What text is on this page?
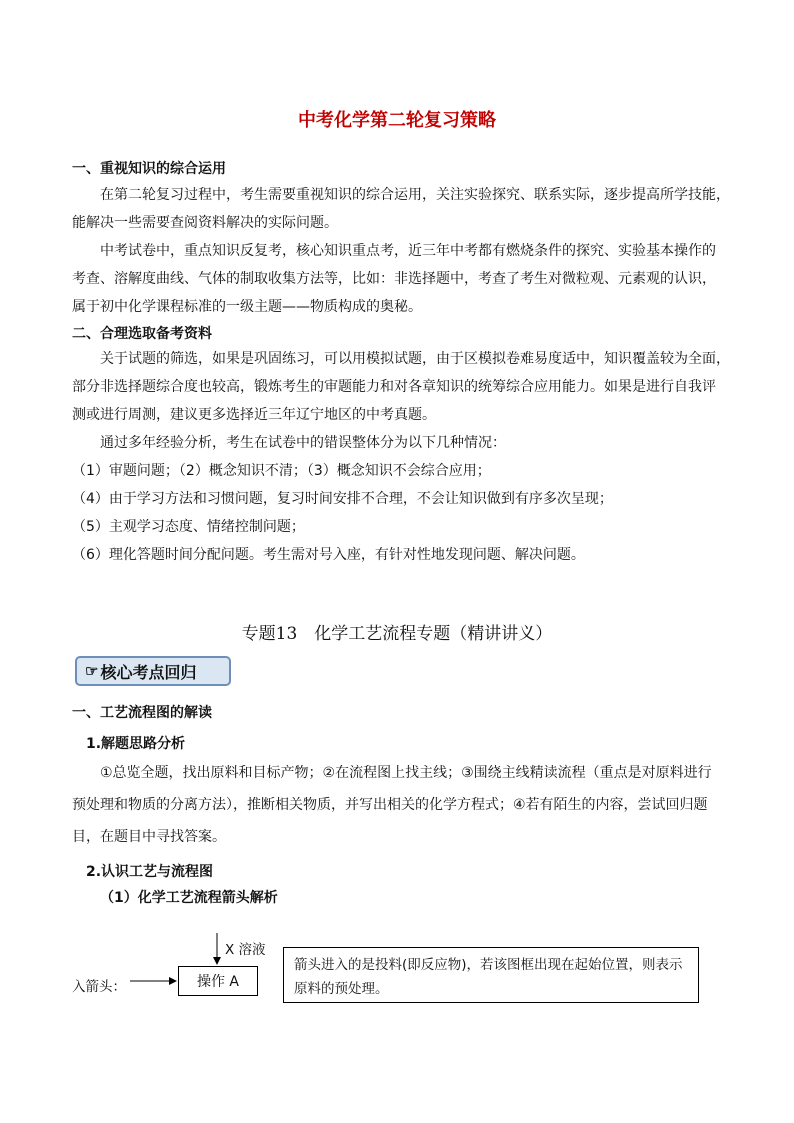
中考化学第二轮复习策略
一、重视知识的综合运用
在第二轮复习过程中，考生需要重视知识的综合运用，关注实验探究、联系实际，逐步提高所学技能，
能解决一些需要查阅资料解决的实际问题。
中考试卷中，重点知识反复考，核心知识重点考，近三年中考都有燃烧条件的探究、实验基本操作的
考查、溶解度曲线、气体的制取收集方法等，比如：非选择题中，考查了考生对微粒观、元素观的认识，
属于初中化学课程标准的一级主题——物质构成的奥秘。
二、合理选取备考资料
关于试题的筛选，如果是巩固练习，可以用模拟试题，由于区模拟卷难易度适中，知识覆盖较为全面，
部分非选择题综合度也较高，锻炼考生的审题能力和对各章知识的统筹综合应用能力。如果是进行自我评
测或进行周测，建议更多选择近三年辽宁地区的中考真题。
通过多年经验分析，考生在试卷中的错误整体分为以下几种情况：
（1）审题问题；（2）概念知识不清；（3）概念知识不会综合应用；
（4）由于学习方法和习惯问题，复习时间安排不合理，不会让知识做到有序多次呈现；
（5）主观学习态度、情绪控制问题；
（6）理化答题时间分配问题。考生需对号入座，有针对性地发现问题、解决问题。
专题13　化学工艺流程专题（精讲讲义）
☞ 核心考点回归
一、工艺流程图的解读
1.解题思路分析
①总览全题，找出原料和目标产物；②在流程图上找主线；③围绕主线精读流程（重点是对原料进行
预处理和物质的分离方法），推断相关物质，并写出相关的化学方程式；④若有陌生的内容，尝试回归题
目，在题目中寻找答案。
2.认识工艺与流程图
（1）化学工艺流程箭头解析
X 溶液
入箭头：	操作 A
箭头进入的是投料(即反应物)，若该图框出现在起始位置，则表示原料的预处理。
